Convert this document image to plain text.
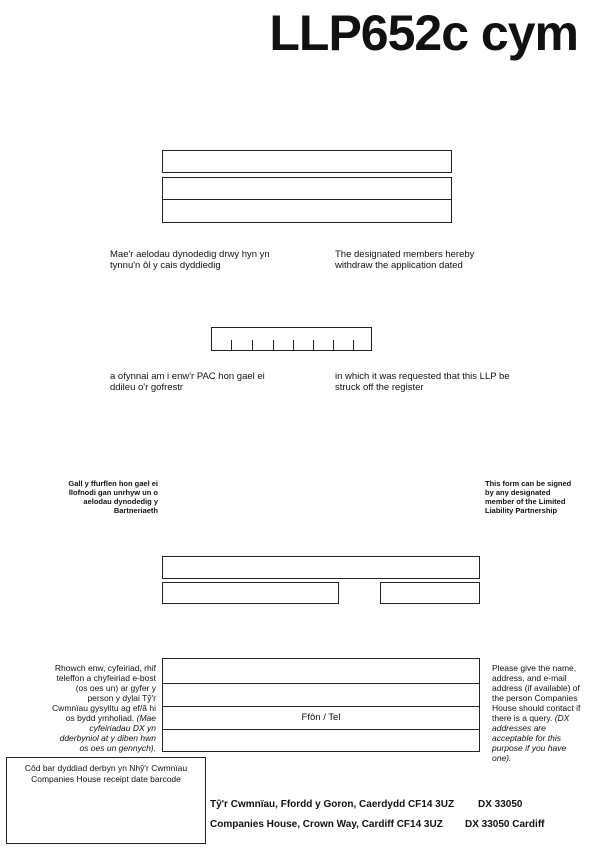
LLP652c cym
Mae'r aelodau dynodedig drwy hyn yn tynnu'n ôl y cais dyddiedig
The designated members hereby withdraw the application dated
a ofynnai am i enw'r PAC hon gael ei ddileu o'r gofrestr
in which it was requested that this LLP be struck off the register
Gall y ffurflen hon gael ei llofnodi gan unrhyw un o aelodau dynodedig y Bartneriaeth
This form can be signed by any designated member of the Limited Liability Partnership
Rhowch enw, cyfeiriad, rhif teleffon a chyfeiriad e-bost (os oes un) ar gyfer y person y dylai Tŷ'r Cwmnïau gysylltu ag ef/â hi os bydd ymholiad. (Mae cyfeiriadau DX yn dderbyniol at y diben hwn os oes un gennych).
Please give the name, address, and e-mail address (if available) of the person Companies House should contact if there is a query. (DX addresses are acceptable for this purpose if you have one).
Ffôn / Tel
Côd bar dyddiad derbyn yn Nhŷ'r Cwmnïau
Companies House receipt date barcode
Tŷ'r Cwmnïau, Ffordd y Goron, Caerdydd CF14 3UZ DX 33050
Companies House, Crown Way, Cardiff CF14 3UZ DX 33050 Cardiff
